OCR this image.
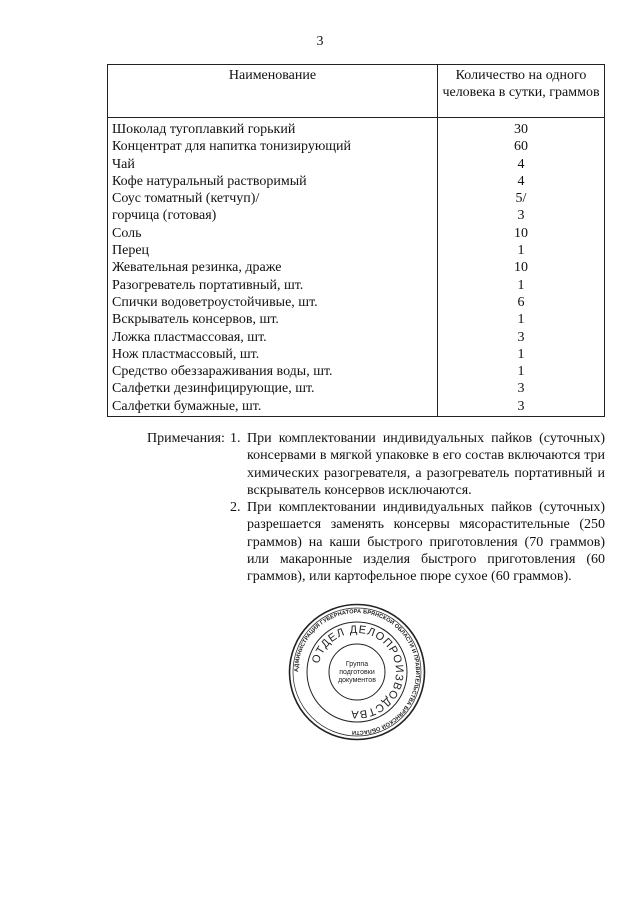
3
Наименование	Количество на одного человека в сутки, граммов
Шоколад тугоплавкий горький	30
Концентрат для напитка тонизирующий	60
Чай	4
Кофе натуральный растворимый	4
Соус томатный (кетчуп)/	5/
горчица (готовая)	3
Соль	10
Перец	1
Жевательная резинка, драже	10
Разогреватель портативный, шт.	1
Спички водоветроустойчивые, шт.	6
Вскрыватель консервов, шт.	1
Ложка пластмассовая, шт.	3
Нож пластмассовый, шт.	1
Средство обеззараживания воды, шт.	1
Салфетки дезинфицирующие, шт.	3
Салфетки бумажные, шт.	3
Примечания: 1. При комплектовании индивидуальных пайков (суточных) консервами в мягкой упаковке в его состав включаются три химических разогревателя, а разогреватель портативный и вскрыватель консервов исключаются.
2. При комплектовании индивидуальных пайков (суточных) разрешается заменять консервы мясорастительные (250 граммов) на каши быстрого приготовления (70 граммов) или макаронные изделия быстрого приготовления (60 граммов), или картофельное пюре сухое (60 граммов).
АДМИНИСТРАЦИЯ ГУБЕРНАТОРА БРЯНСКОЙ ОБЛАСТИ И ПРАВИТЕЛЬСТВА БРЯНСКОЙ ОБЛАСТИ
ОТДЕЛ ДЕЛОПРОИЗВОДСТВА
Группа
подготовки
документов
